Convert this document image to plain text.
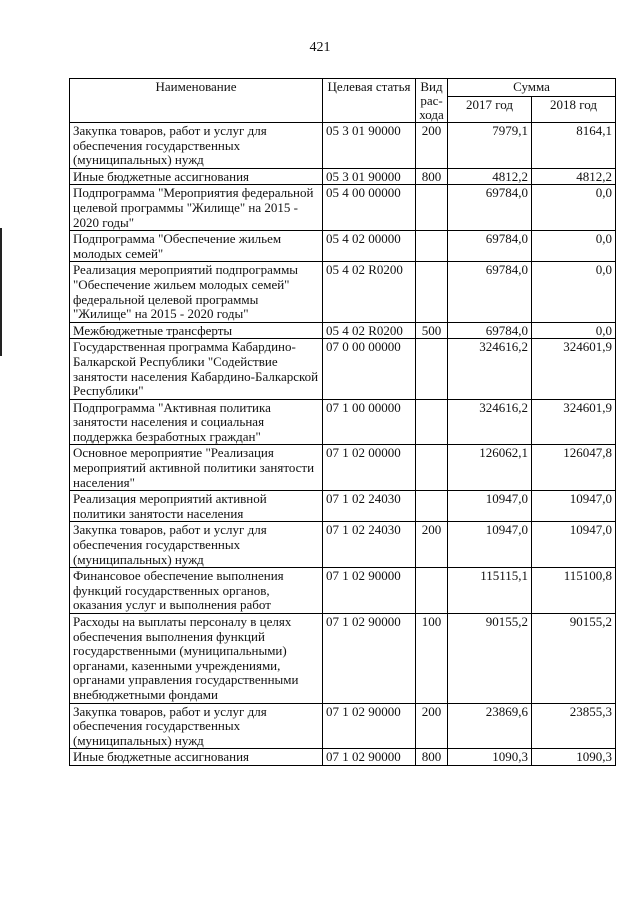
421
Наименование	Целевая статья	Вид рас-хода	Сумма	
			2017 год	2018 год
Закупка товаров, работ и услуг для обеспечения государственных (муниципальных) нужд	05 3 01 90000	200	7979,1	8164,1
Иные бюджетные ассигнования	05 3 01 90000	800	4812,2	4812,2
Подпрограмма "Мероприятия федеральной целевой программы "Жилище" на 2015 - 2020 годы"	05 4 00 00000		69784,0	0,0
Подпрограмма "Обеспечение жильем молодых семей"	05 4 02 00000		69784,0	0,0
Реализация мероприятий подпрограммы "Обеспечение жильем молодых семей" федеральной целевой программы "Жилище" на 2015 - 2020 годы"	05 4 02 R0200		69784,0	0,0
Межбюджетные трансферты	05 4 02 R0200	500	69784,0	0,0
Государственная программа Кабардино-Балкарской Республики "Содействие занятости населения Кабардино-Балкарской Республики"	07 0 00 00000		324616,2	324601,9
Подпрограмма "Активная политика занятости населения и социальная поддержка безработных граждан"	07 1 00 00000		324616,2	324601,9
Основное мероприятие "Реализация мероприятий активной политики занятости населения"	07 1 02 00000		126062,1	126047,8
Реализация мероприятий активной политики занятости населения	07 1 02 24030		10947,0	10947,0
Закупка товаров, работ и услуг для обеспечения государственных (муниципальных) нужд	07 1 02 24030	200	10947,0	10947,0
Финансовое обеспечение выполнения функций государственных органов, оказания услуг и выполнения работ	07 1 02 90000		115115,1	115100,8
Расходы на выплаты персоналу в целях обеспечения выполнения функций государственными (муниципальными) органами, казенными учреждениями, органами управления государственными внебюджетными фондами	07 1 02 90000	100	90155,2	90155,2
Закупка товаров, работ и услуг для обеспечения государственных (муниципальных) нужд	07 1 02 90000	200	23869,6	23855,3
Иные бюджетные ассигнования	07 1 02 90000	800	1090,3	1090,3
